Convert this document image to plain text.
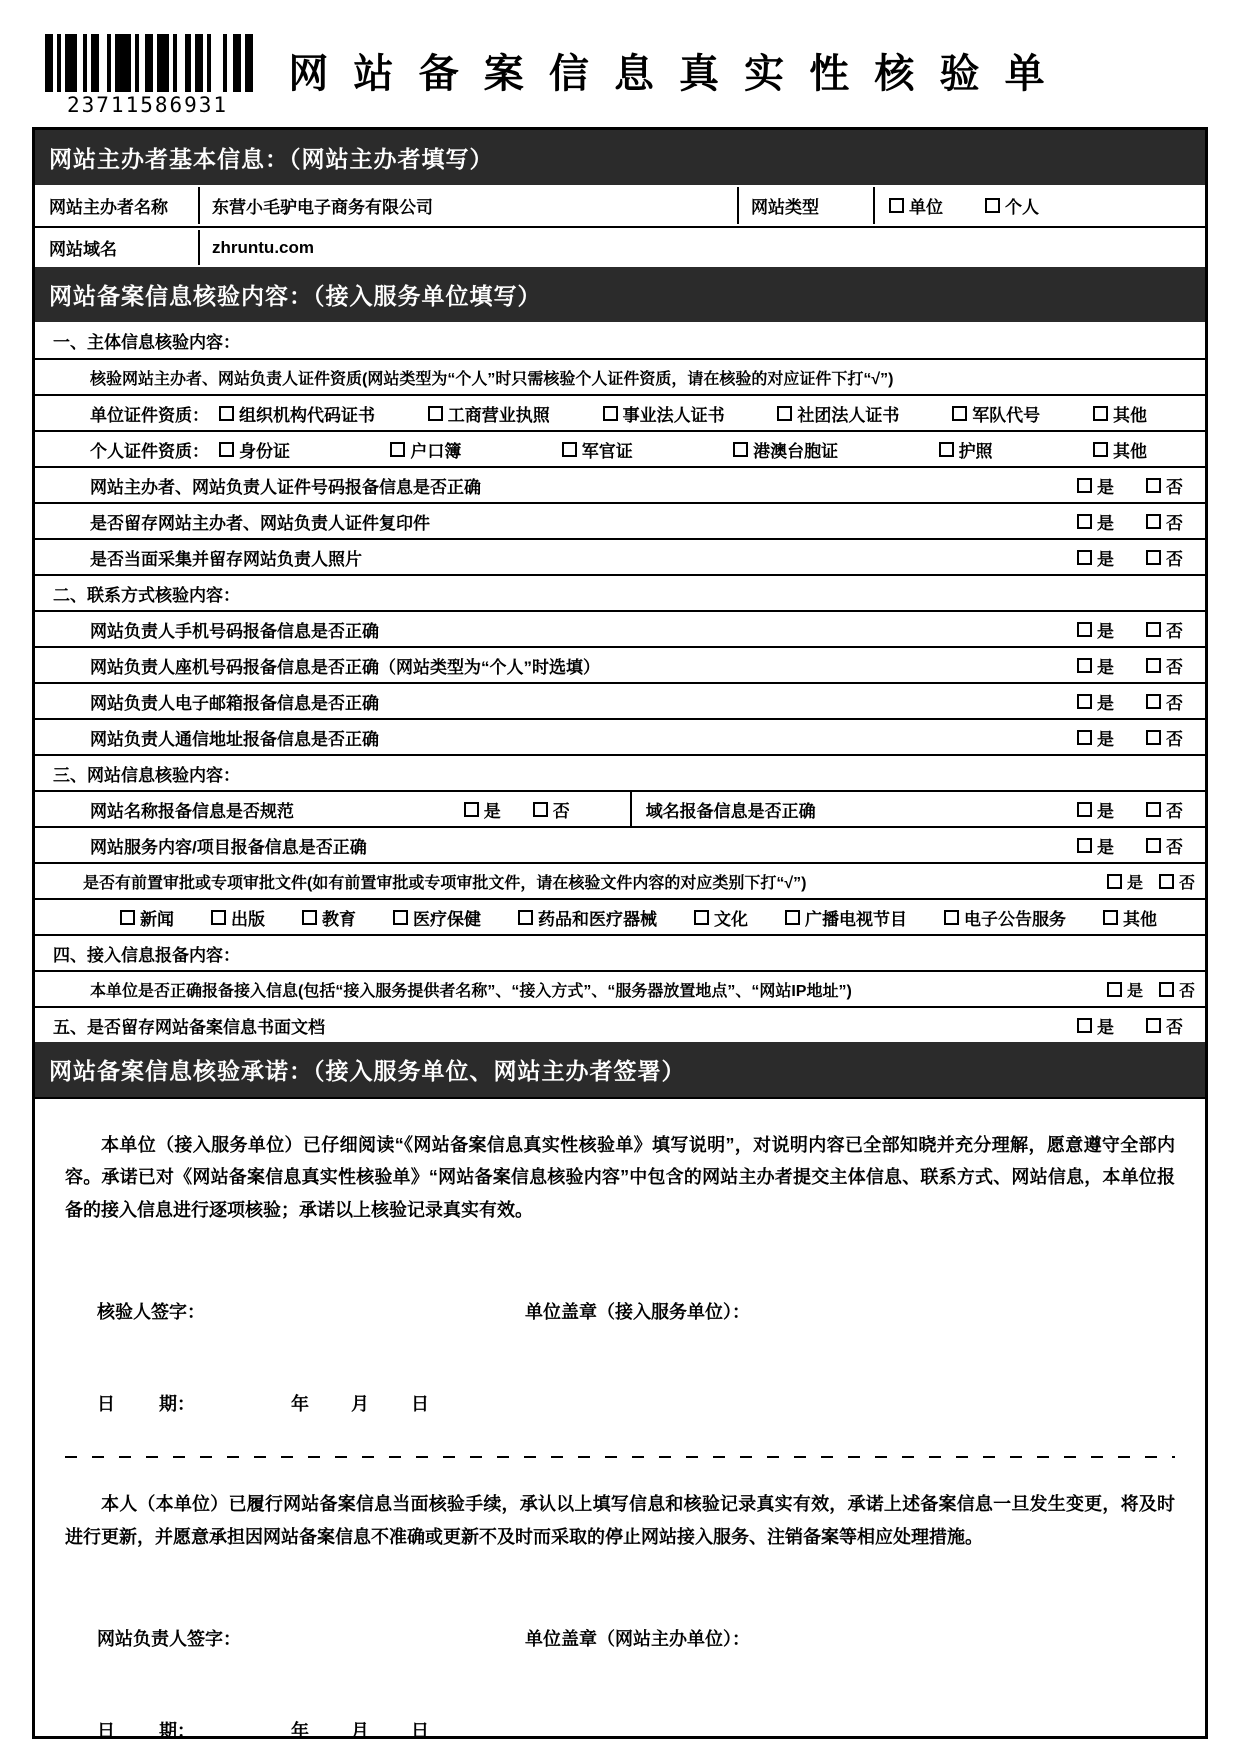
23711586931
网 站 备 案 信 息 真 实 性 核 验 单
网站主办者基本信息：（网站主办者填写）
网站主办者名称	东营小毛驴电子商务有限公司	网站类型	单位	个人
网站域名	zhruntu.com
网站备案信息核验内容：（接入服务单位填写）
一、主体信息核验内容：
核验网站主办者、网站负责人证件资质(网站类型为“个人”时只需核验个人证件资质，请在核验的对应证件下打“√”)
单位证件资质： 组织机构代码证书	工商营业执照	事业法人证书	社团法人证书	军队代号	其他
个人证件资质： 身份证	户口簿	军官证	港澳台胞证	护照	其他
网站主办者、网站负责人证件号码报备信息是否正确	是	否
是否留存网站主办者、网站负责人证件复印件	是	否
是否当面采集并留存网站负责人照片	是	否
二、联系方式核验内容：
网站负责人手机号码报备信息是否正确	是	否
网站负责人座机号码报备信息是否正确（网站类型为“个人”时选填）	是	否
网站负责人电子邮箱报备信息是否正确	是	否
网站负责人通信地址报备信息是否正确	是	否
三、网站信息核验内容：
网站名称报备信息是否规范	是	否	域名报备信息是否正确	是	否
网站服务内容/项目报备信息是否正确	是	否
是否有前置审批或专项审批文件(如有前置审批或专项审批文件，请在核验文件内容的对应类别下打“√”)	是 否
新闻	出版	教育	医疗保健	药品和医疗器械	文化	广播电视节目	电子公告服务	其他
四、接入信息报备内容：
本单位是否正确报备接入信息(包括“接入服务提供者名称”、“接入方式”、“服务器放置地点”、“网站IP地址”)	是 否
五、是否留存网站备案信息书面文档	是	否
网站备案信息核验承诺：（接入服务单位、网站主办者签署）

本单位（接入服务单位）已仔细阅读“《网站备案信息真实性核验单》填写说明”，对说明内容已全部知晓并充分理解，愿意遵守全部内容。承诺已对《网站备案信息真实性核验单》“网站备案信息核验内容”中包含的网站主办者提交主体信息、联系方式、网站信息，本单位报备的接入信息进行逐项核验；承诺以上核验记录真实有效。

核验人签字：	单位盖章（接入服务单位）：
日 期：	年 月 日

本人（本单位）已履行网站备案信息当面核验手续，承认以上填写信息和核验记录真实有效，承诺上述备案信息一旦发生变更，将及时进行更新，并愿意承担因网站备案信息不准确或更新不及时而采取的停止网站接入服务、注销备案等相应处理措施。

网站负责人签字：	单位盖章（网站主办单位）：
日 期：	年 月 日
